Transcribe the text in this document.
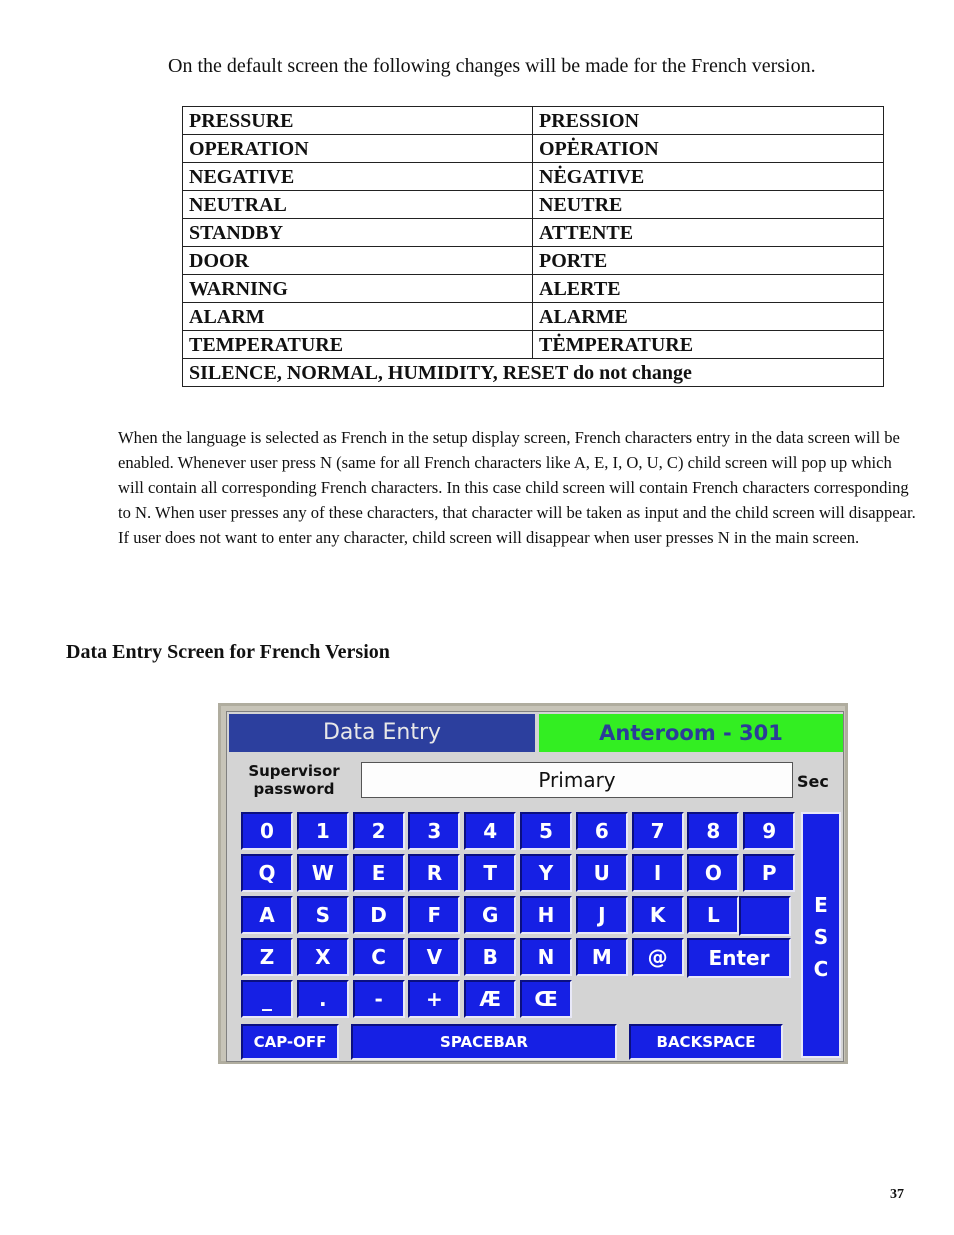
On the default screen the following changes will be made for the French version.
PRESSURE	PRESSION
OPERATION	OPĖRATION
NEGATIVE	NĖGATIVE
NEUTRAL	NEUTRE
STANDBY	ATTENTE
DOOR	PORTE
WARNING	ALERTE
ALARM	ALARME
TEMPERATURE	TĖMPERATURE
SILENCE, NORMAL, HUMIDITY, RESET do not change	
When the language is selected as French in the setup display screen, French characters entry in the data screen will be enabled. Whenever user press N (same for all French characters like A, E, I, O, U, C) child screen will pop up which will contain all corresponding French characters. In this case child screen will contain French characters corresponding to N. When user presses any of these characters, that character will be taken as input and the child screen will disappear. If user does not want to enter any character, child screen will disappear when user presses N in the main screen.
Data Entry Screen for French Version
Data Entry	Anteroom - 301
Supervisor
password	Primary	Sec
E
S
C
0	1	2	3	4	5	6	7	8	9
Q	W	E	R	T	Y	U	I	O	P
A	S	D	F	G	H	J	K	L
Z	X	C	V	B	N	M	@
_	.	-	+	Æ	Œ
Enter
CAP-OFF	SPACEBAR	BACKSPACE
37
